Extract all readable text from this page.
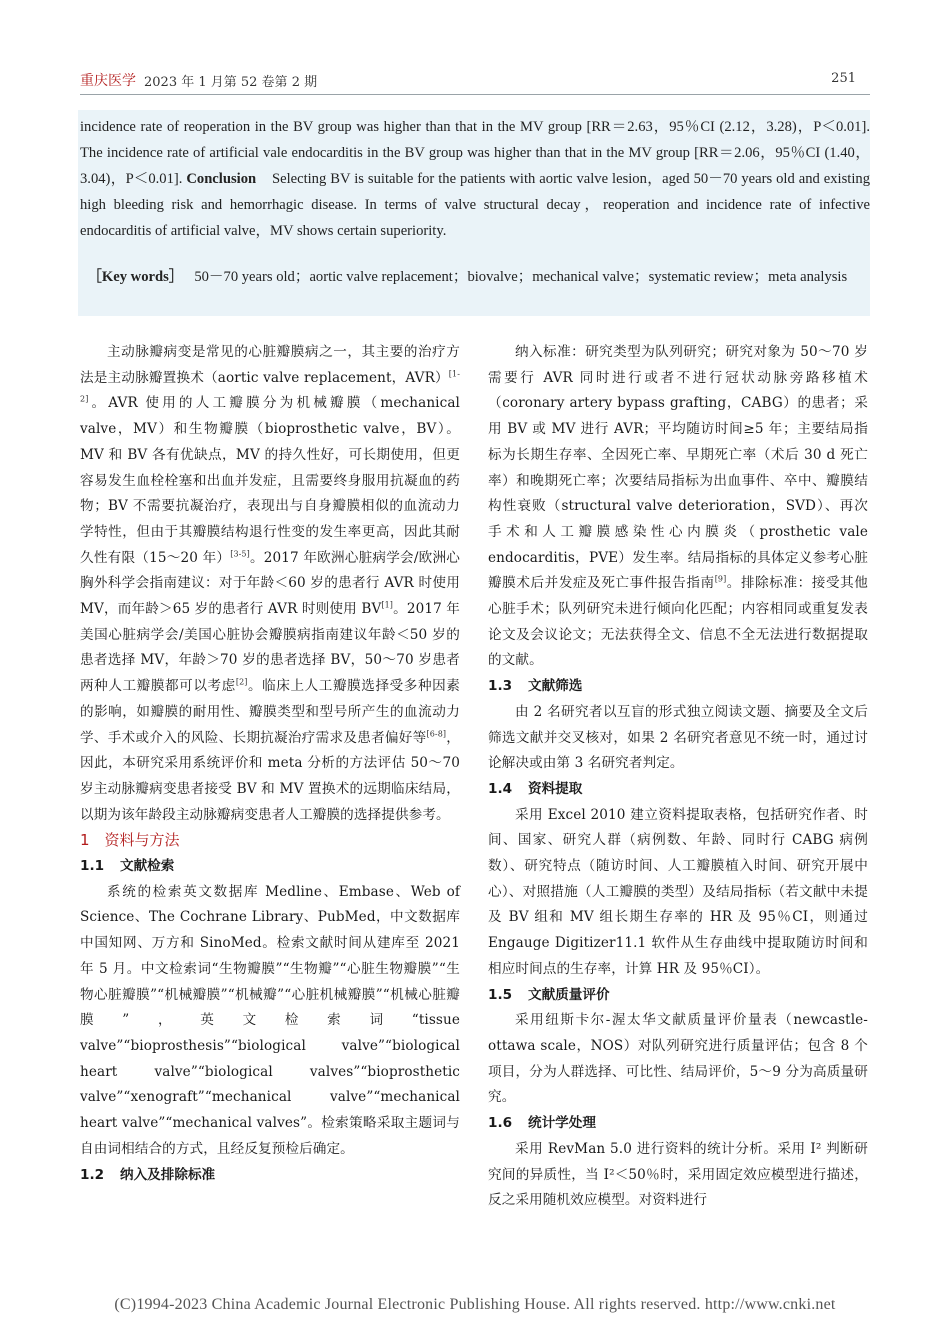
重庆医学 2023 年 1 月第 52 卷第 2 期	251

incidence rate of reoperation in the BV group was higher than that in the MV group [RR＝2.63，95％CI (2.12，3.28)，P＜0.01]. The incidence rate of artificial vale endocarditis in the BV group was higher than that in the MV group [RR＝2.06，95％CI (1.40，3.04)，P＜0.01]. Conclusion Selecting BV is suitable for the patients with aortic valve lesion，aged 50－70 years old and existing high bleeding risk and hemorrhagic disease. In terms of valve structural decay，reoperation and incidence rate of infective endocarditis of artificial valve，MV shows certain superiority.

［Key words］ 50－70 years old；aortic valve replacement；biovalve；mechanical valve；systematic review；meta analysis

主动脉瓣病变是常见的心脏瓣膜病之一，其主要的治疗方法是主动脉瓣置换术（aortic valve replacement，AVR）[1-2]。AVR 使用的人工瓣膜分为机械瓣膜（mechanical valve，MV）和生物瓣膜（bioprosthetic valve，BV）。MV 和 BV 各有优缺点，MV 的持久性好，可长期使用，但更容易发生血栓栓塞和出血并发症，且需要终身服用抗凝血的药物；BV 不需要抗凝治疗，表现出与自身瓣膜相似的血流动力学特性，但由于其瓣膜结构退行性变的发生率更高，因此其耐久性有限（15～20 年）[3-5]。2017 年欧洲心脏病学会/欧洲心胸外科学会指南建议：对于年龄＜60 岁的患者行 AVR 时使用 MV，而年龄＞65 岁的患者行 AVR 时则使用 BV[1]。2017 年美国心脏病学会/美国心脏协会瓣膜病指南建议年龄＜50 岁的患者选择 MV，年龄＞70 岁的患者选择 BV，50～70 岁患者两种人工瓣膜都可以考虑[2]。临床上人工瓣膜选择受多种因素的影响，如瓣膜的耐用性、瓣膜类型和型号所产生的血流动力学、手术或介入的风险、长期抗凝治疗需求及患者偏好等[6-8]，因此，本研究采用系统评价和 meta 分析的方法评估 50～70 岁主动脉瓣病变患者接受 BV 和 MV 置换术的远期临床结局，以期为该年龄段主动脉瓣病变患者人工瓣膜的选择提供参考。

1　资料与方法

1.1 文献检索

系统的检索英文数据库 Medline、Embase、Web of Science、The Cochrane Library、PubMed，中文数据库中国知网、万方和 SinoMed。检索文献时间从建库至 2021 年 5 月。中文检索词“生物瓣膜”“生物瓣”“心脏生物瓣膜”“生物心脏瓣膜”“机械瓣膜”“机械瓣”“心脏机械瓣膜”“机械心脏瓣膜”，英文检索词“tissue valve”“bioprosthesis”“biological valve”“biological heart valve”“biological valves”“bioprosthetic valve”“xenograft”“mechanical valve”“mechanical heart valve”“mechanical valves”。检索策略采取主题词与自由词相结合的方式，且经反复预检后确定。

1.2 纳入及排除标准

纳入标准：研究类型为队列研究；研究对象为 50～70 岁需要行 AVR 同时进行或者不进行冠状动脉旁路移植术（coronary artery bypass grafting，CABG）的患者；采用 BV 或 MV 进行 AVR；平均随访时间≥5 年；主要结局指标为长期生存率、全因死亡率、早期死亡率（术后 30 d 死亡率）和晚期死亡率；次要结局指标为出血事件、卒中、瓣膜结构性衰败（structural valve deterioration，SVD）、再次手术和人工瓣膜感染性心内膜炎（prosthetic vale endocarditis，PVE）发生率。结局指标的具体定义参考心脏瓣膜术后并发症及死亡事件报告指南[9]。排除标准：接受其他心脏手术；队列研究未进行倾向化匹配；内容相同或重复发表论文及会议论文；无法获得全文、信息不全无法进行数据提取的文献。

1.3 文献筛选

由 2 名研究者以互盲的形式独立阅读文题、摘要及全文后筛选文献并交叉核对，如果 2 名研究者意见不统一时，通过讨论解决或由第 3 名研究者判定。

1.4 资料提取

采用 Excel 2010 建立资料提取表格，包括研究作者、时间、国家、研究人群（病例数、年龄、同时行 CABG 病例数）、研究特点（随访时间、人工瓣膜植入时间、研究开展中心）、对照措施（人工瓣膜的类型）及结局指标（若文献中未提及 BV 组和 MV 组长期生存率的 HR 及 95％CI，则通过 Engauge Digitizer11.1 软件从生存曲线中提取随访时间和相应时间点的生存率，计算 HR 及 95％CI）。

1.5 文献质量评价

采用纽斯卡尔-渥太华文献质量评价量表（newcastle-ottawa scale，NOS）对队列研究进行质量评估；包含 8 个项目，分为人群选择、可比性、结局评价，5～9 分为高质量研究。

1.6 统计学处理

采用 RevMan 5.0 进行资料的统计分析。采用 I² 判断研究间的异质性，当 I²＜50％时，采用固定效应模型进行描述，反之采用随机效应模型。对资料进行

(C)1994-2023 China Academic Journal Electronic Publishing House. All rights reserved. http://www.cnki.net
